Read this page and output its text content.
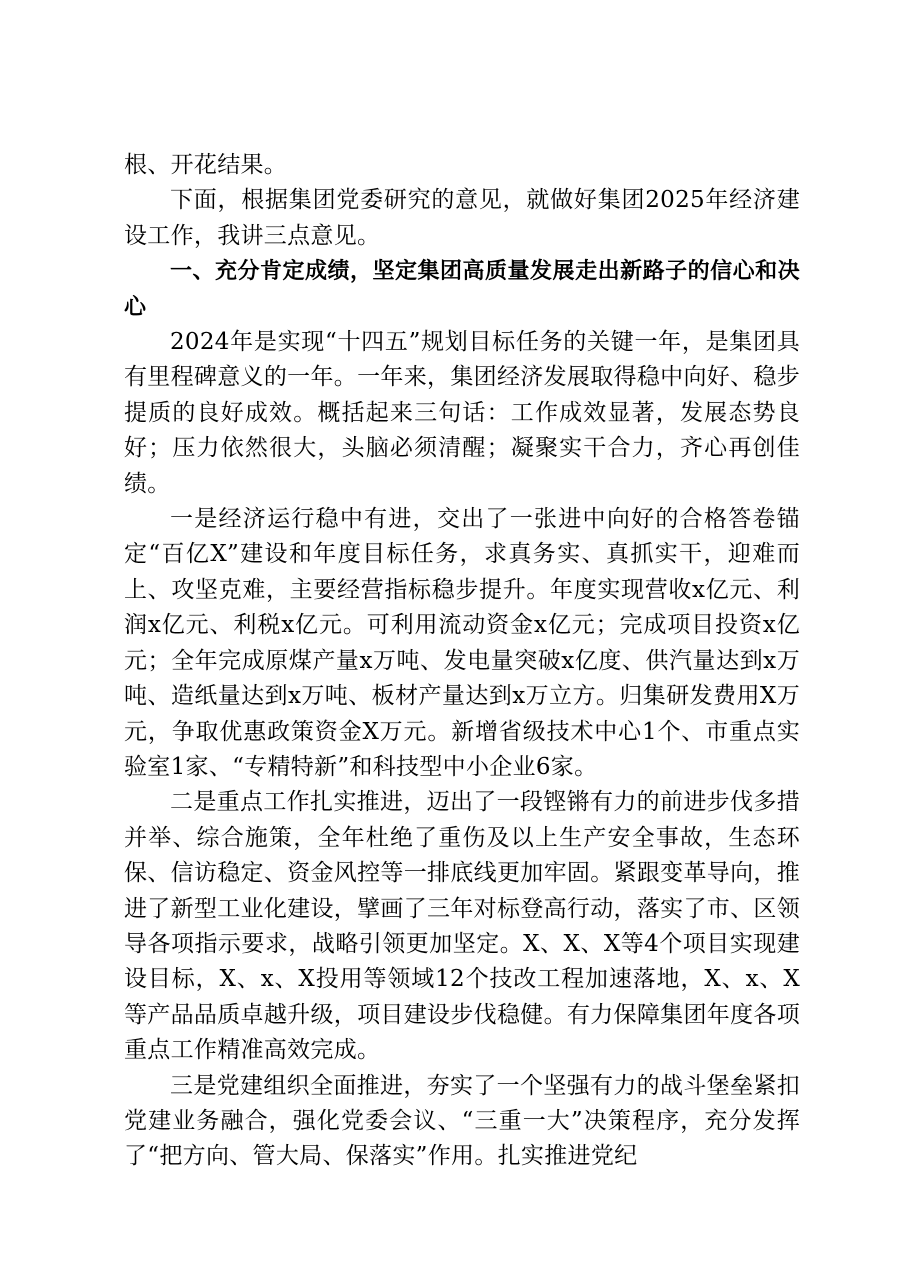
根、开花结果。

下面，根据集团党委研究的意见，就做好集团2025年经济建设工作，我讲三点意见。

一、充分肯定成绩，坚定集团高质量发展走出新路子的信心和决心

2024年是实现“十四五”规划目标任务的关键一年，是集团具有里程碑意义的一年。一年来，集团经济发展取得稳中向好、稳步提质的良好成效。概括起来三句话：工作成效显著，发展态势良好；压力依然很大，头脑必须清醒；凝聚实干合力，齐心再创佳绩。

一是经济运行稳中有进，交出了一张进中向好的合格答卷锚定“百亿X”建设和年度目标任务，求真务实、真抓实干，迎难而上、攻坚克难，主要经营指标稳步提升。年度实现营收x亿元、利润x亿元、利税x亿元。可利用流动资金x亿元；完成项目投资x亿元；全年完成原煤产量x万吨、发电量突破x亿度、供汽量达到x万吨、造纸量达到x万吨、板材产量达到x万立方。归集研发费用X万元，争取优惠政策资金X万元。新增省级技术中心1个、市重点实验室1家、“专精特新”和科技型中小企业6家。

二是重点工作扎实推进，迈出了一段铿锵有力的前进步伐多措并举、综合施策，全年杜绝了重伤及以上生产安全事故，生态环保、信访稳定、资金风控等一排底线更加牢固。紧跟变革导向，推进了新型工业化建设，擘画了三年对标登高行动，落实了市、区领导各项指示要求，战略引领更加坚定。X、X、X等4个项目实现建设目标，X、x、X投用等领域12个技改工程加速落地，X、x、X等产品品质卓越升级，项目建设步伐稳健。有力保障集团年度各项重点工作精准高效完成。

三是党建组织全面推进，夯实了一个坚强有力的战斗堡垒紧扣党建业务融合，强化党委会议、“三重一大”决策程序，充分发挥了“把方向、管大局、保落实”作用。扎实推进党纪
